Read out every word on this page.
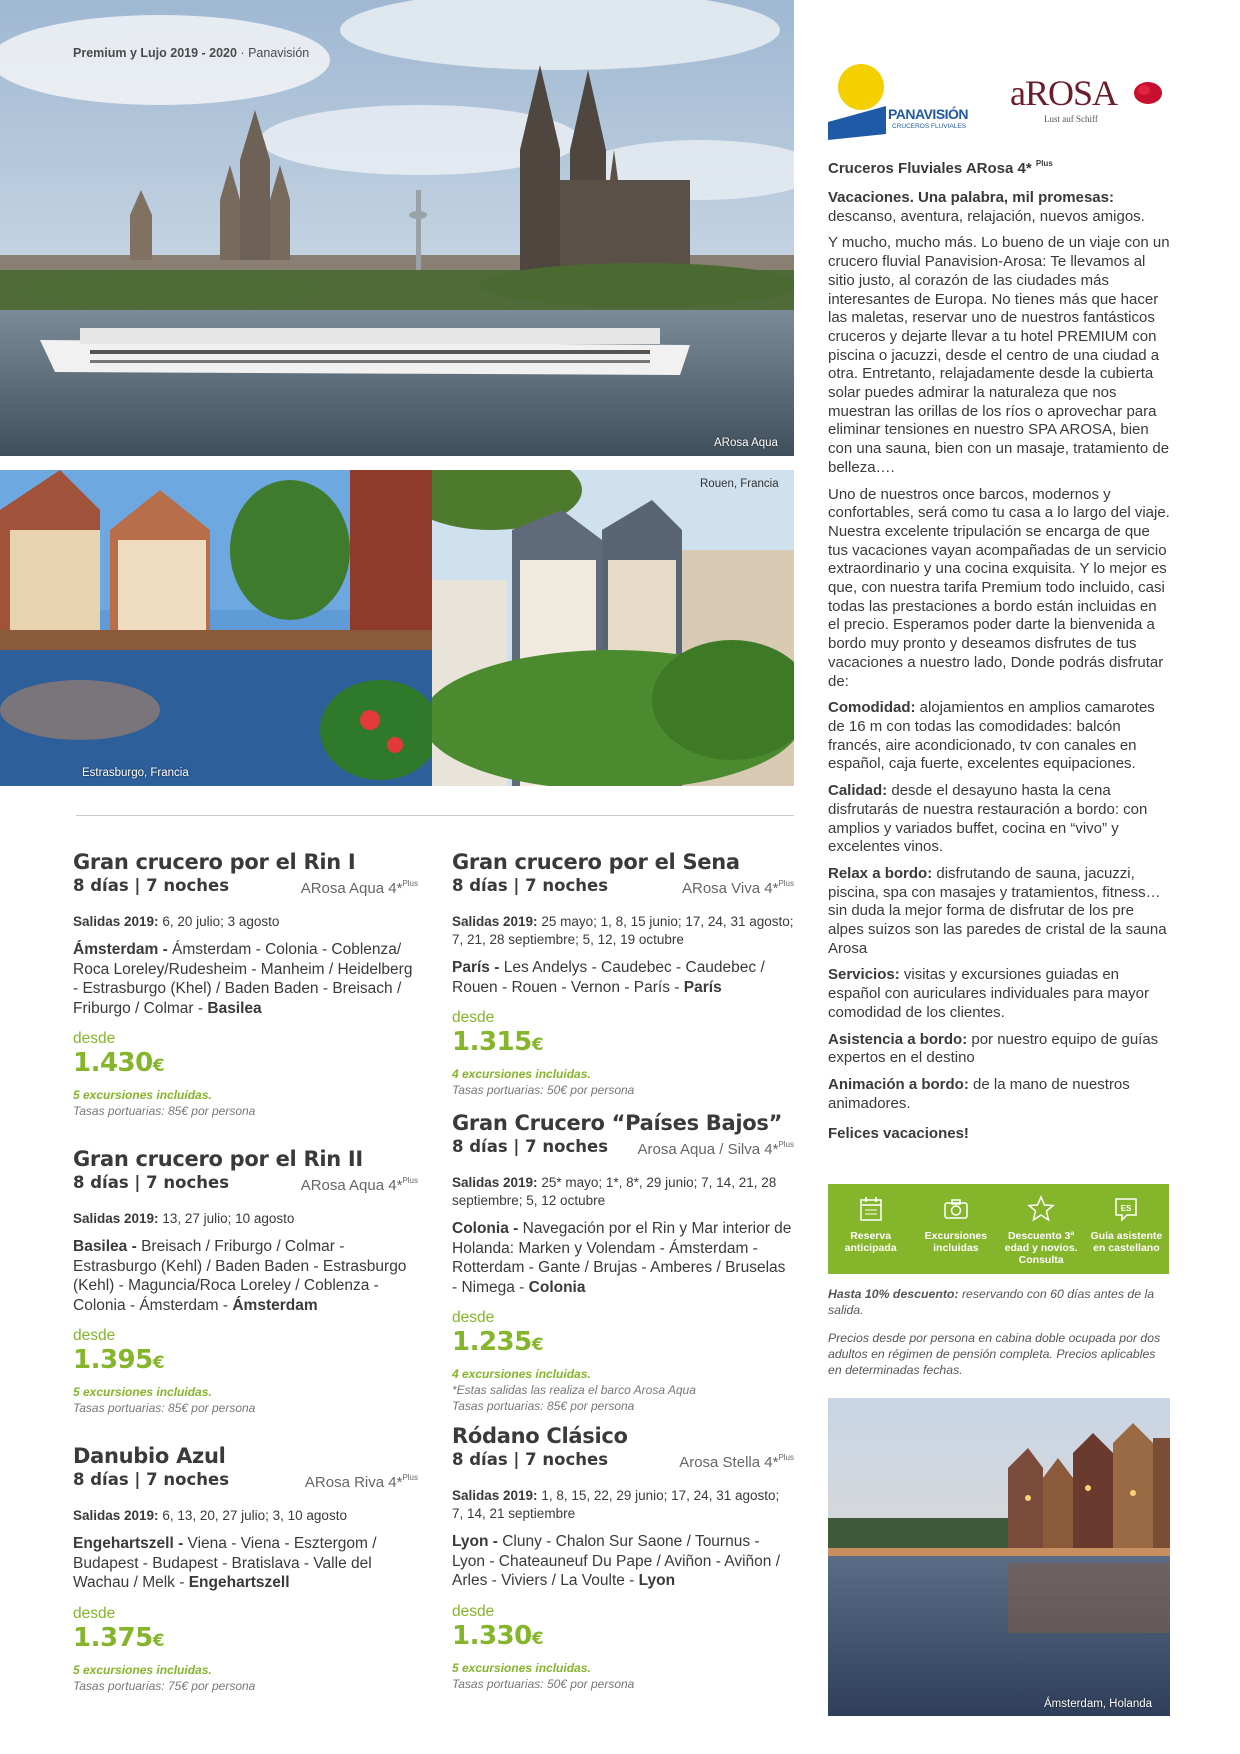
Premium y Lujo 2019 - 2020 · Panavisión
ARosa Aqua
Estrasburgo, Francia
Rouen, Francia
Gran crucero por el Rin I
8 días | 7 noches	ARosa Aqua 4*$^{Plus}$
Salidas 2019: 6, 20 julio; 3 agosto
Ámsterdam - Ámsterdam - Colonia - Coblenza/ Roca Loreley/Rudesheim - Manheim / Heidelberg - Estrasburgo (Khel) / Baden Baden - Breisach / Friburgo / Colmar - Basilea
desde
1.430€
5 excursiones incluidas.
Tasas portuarias: 85€ por persona
Gran crucero por el Rin II
8 días | 7 noches	ARosa Aqua 4*$^{Plus}$
Salidas 2019: 13, 27 julio; 10 agosto
Basilea - Breisach / Friburgo / Colmar - Estrasburgo (Kehl) / Baden Baden - Estrasburgo (Kehl) - Maguncia/Roca Loreley / Coblenza - Colonia - Ámsterdam - Ámsterdam
desde
1.395€
5 excursiones incluidas.
Tasas portuarias: 85€ por persona
Danubio Azul
8 días | 7 noches	ARosa Riva 4*$^{Plus}$
Salidas 2019: 6, 13, 20, 27 julio; 3, 10 agosto
Engehartszell - Viena - Viena - Esztergom / Budapest - Budapest - Bratislava - Valle del Wachau / Melk - Engehartszell
desde
1.375€
5 excursiones incluidas.
Tasas portuarias: 75€ por persona
Gran crucero por el Sena
8 días | 7 noches	ARosa Viva 4*$^{Plus}$
Salidas 2019: 25 mayo; 1, 8, 15 junio; 17, 24, 31 agosto; 7, 21, 28 septiembre; 5, 12, 19 octubre
París - Les Andelys - Caudebec - Caudebec / Rouen - Rouen - Vernon - París - París
desde
1.315€
4 excursiones incluidas.
Tasas portuarias: 50€ por persona
Gran Crucero “Países Bajos”
8 días | 7 noches Arosa Aqua / Silva 4*$^{Plus}$
Salidas 2019: 25* mayo; 1*, 8*, 29 junio; 7, 14, 21, 28 septiembre; 5, 12 octubre
Colonia - Navegación por el Rin y Mar interior de Holanda: Marken y Volendam - Ámsterdam - Rotterdam - Gante / Brujas - Amberes / Bruselas - Nimega - Colonia
desde
1.235€
4 excursiones incluidas.
*Estas salidas las realiza el barco Arosa Aqua
Tasas portuarias: 85€ por persona
Ródano Clásico
8 días | 7 noches	Arosa Stella 4*$^{Plus}$
Salidas 2019: 1, 8, 15, 22, 29 junio; 17, 24, 31 agosto; 7, 14, 21 septiembre
Lyon - Cluny - Chalon Sur Saone / Tournus - Lyon - Chateauneuf Du Pape / Aviñon - Aviñon / Arles - Viviers / La Voulte - Lyon
desde
1.330€
5 excursiones incluidas.
Tasas portuarias: 50€ por persona
PANAVISIÓN
CRUCEROS FLUVIALES
aROSA
Lust auf Schiff
Cruceros Fluviales ARosa 4* $^{Plus}$

Vacaciones. Una palabra, mil promesas: descanso, aventura, relajación, nuevos amigos.

Y mucho, mucho más. Lo bueno de un viaje con un crucero fluvial Panavision-Arosa: Te llevamos al sitio justo, al corazón de las ciudades más interesantes de Europa. No tienes más que hacer las maletas, reservar uno de nuestros fantásticos cruceros y dejarte llevar a tu hotel PREMIUM con piscina o jacuzzi, desde el centro de una ciudad a otra. Entretanto, relajadamente desde la cubierta solar puedes admirar la naturaleza que nos muestran las orillas de los ríos o aprovechar para eliminar tensiones en nuestro SPA AROSA, bien con una sauna, bien con un masaje, tratamiento de belleza….

Uno de nuestros once barcos, modernos y confortables, será como tu casa a lo largo del viaje. Nuestra excelente tripulación se encarga de que tus vacaciones vayan acompañadas de un servicio extraordinario y una cocina exquisita. Y lo mejor es que, con nuestra tarifa Premium todo incluido, casi todas las prestaciones a bordo están incluidas en el precio. Esperamos poder darte la bienvenida a bordo muy pronto y deseamos disfrutes de tus vacaciones a nuestro lado, Donde podrás disfrutar de:

Comodidad: alojamientos en amplios camarotes de 16 m con todas las comodidades: balcón francés, aire acondicionado, tv con canales en español, caja fuerte, excelentes equipaciones.

Calidad: desde el desayuno hasta la cena disfrutarás de nuestra restauración a bordo: con amplios y variados buffet, cocina en “vivo” y excelentes vinos.

Relax a bordo: disfrutando de sauna, jacuzzi, piscina, spa con masajes y tratamientos, fitness… sin duda la mejor forma de disfrutar de los pre alpes suizos son las paredes de cristal de la sauna Arosa

Servicios: visitas y excursiones guiadas en español con auriculares individuales para mayor comodidad de los clientes.

Asistencia a bordo: por nuestro equipo de guías expertos en el destino

Animación a bordo: de la mano de nuestros animadores.

Felices vacaciones!

Reserva anticipada
Excursiones incluidas
Descuento 3ª edad y novios. Consulta
ES
Guía asistente en castellano
Hasta 10% descuento: reservando con 60 días antes de la salida.
Precios desde por persona en cabina doble ocupada por dos adultos en régimen de pensión completa. Precios aplicables en determinadas fechas.
Ámsterdam, Holanda
